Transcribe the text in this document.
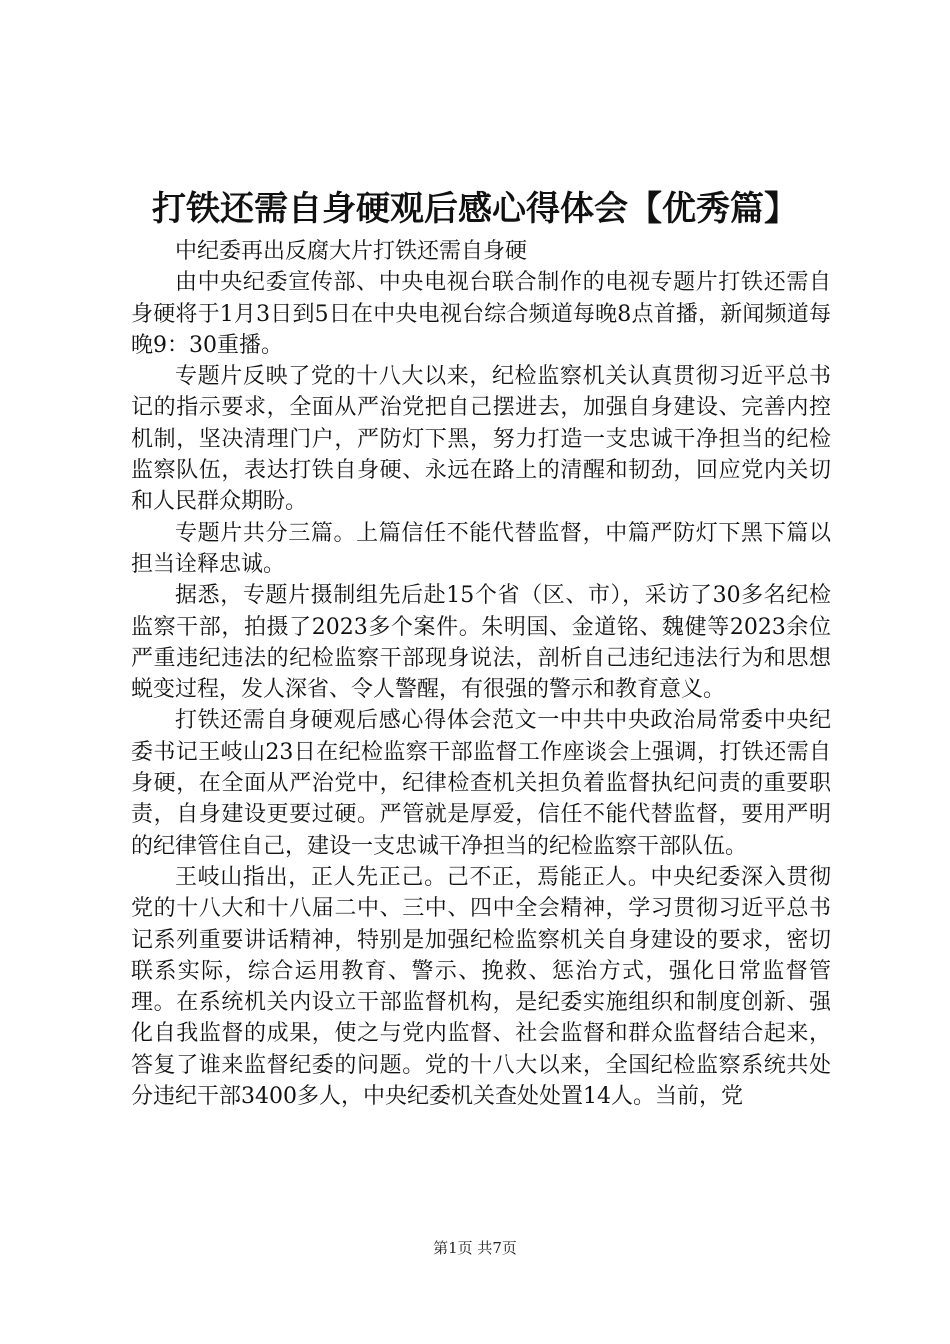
打铁还需自身硬观后感心得体会【优秀篇】

中纪委再出反腐大片打铁还需自身硬

由中央纪委宣传部、中央电视台联合制作的电视专题片打铁还需自身硬将于1月3日到5日在中央电视台综合频道每晚8点首播，新闻频道每晚9：30重播。

专题片反映了党的十八大以来，纪检监察机关认真贯彻习近平总书记的指示要求，全面从严治党把自己摆进去，加强自身建设、完善内控机制，坚决清理门户，严防灯下黑，努力打造一支忠诚干净担当的纪检监察队伍，表达打铁自身硬、永远在路上的清醒和韧劲，回应党内关切和人民群众期盼。

专题片共分三篇。上篇信任不能代替监督，中篇严防灯下黑下篇以担当诠释忠诚。

据悉，专题片摄制组先后赴15个省（区、市），采访了30多名纪检监察干部，拍摄了2023多个案件。朱明国、金道铭、魏健等2023余位严重违纪违法的纪检监察干部现身说法，剖析自己违纪违法行为和思想蜕变过程，发人深省、令人警醒，有很强的警示和教育意义。

打铁还需自身硬观后感心得体会范文一中共中央政治局常委中央纪委书记王岐山23日在纪检监察干部监督工作座谈会上强调，打铁还需自身硬，在全面从严治党中，纪律检查机关担负着监督执纪问责的重要职责，自身建设更要过硬。严管就是厚爱，信任不能代替监督，要用严明的纪律管住自己，建设一支忠诚干净担当的纪检监察干部队伍。

王岐山指出，正人先正己。己不正，焉能正人。中央纪委深入贯彻党的十八大和十八届二中、三中、四中全会精神，学习贯彻习近平总书记系列重要讲话精神，特别是加强纪检监察机关自身建设的要求，密切联系实际，综合运用教育、警示、挽救、惩治方式，强化日常监督管理。在系统机关内设立干部监督机构，是纪委实施组织和制度创新、强化自我监督的成果，使之与党内监督、社会监督和群众监督结合起来，答复了谁来监督纪委的问题。党的十八大以来，全国纪检监察系统共处分违纪干部3400多人，中央纪委机关查处处置14人。当前，党

第1页 共7页
